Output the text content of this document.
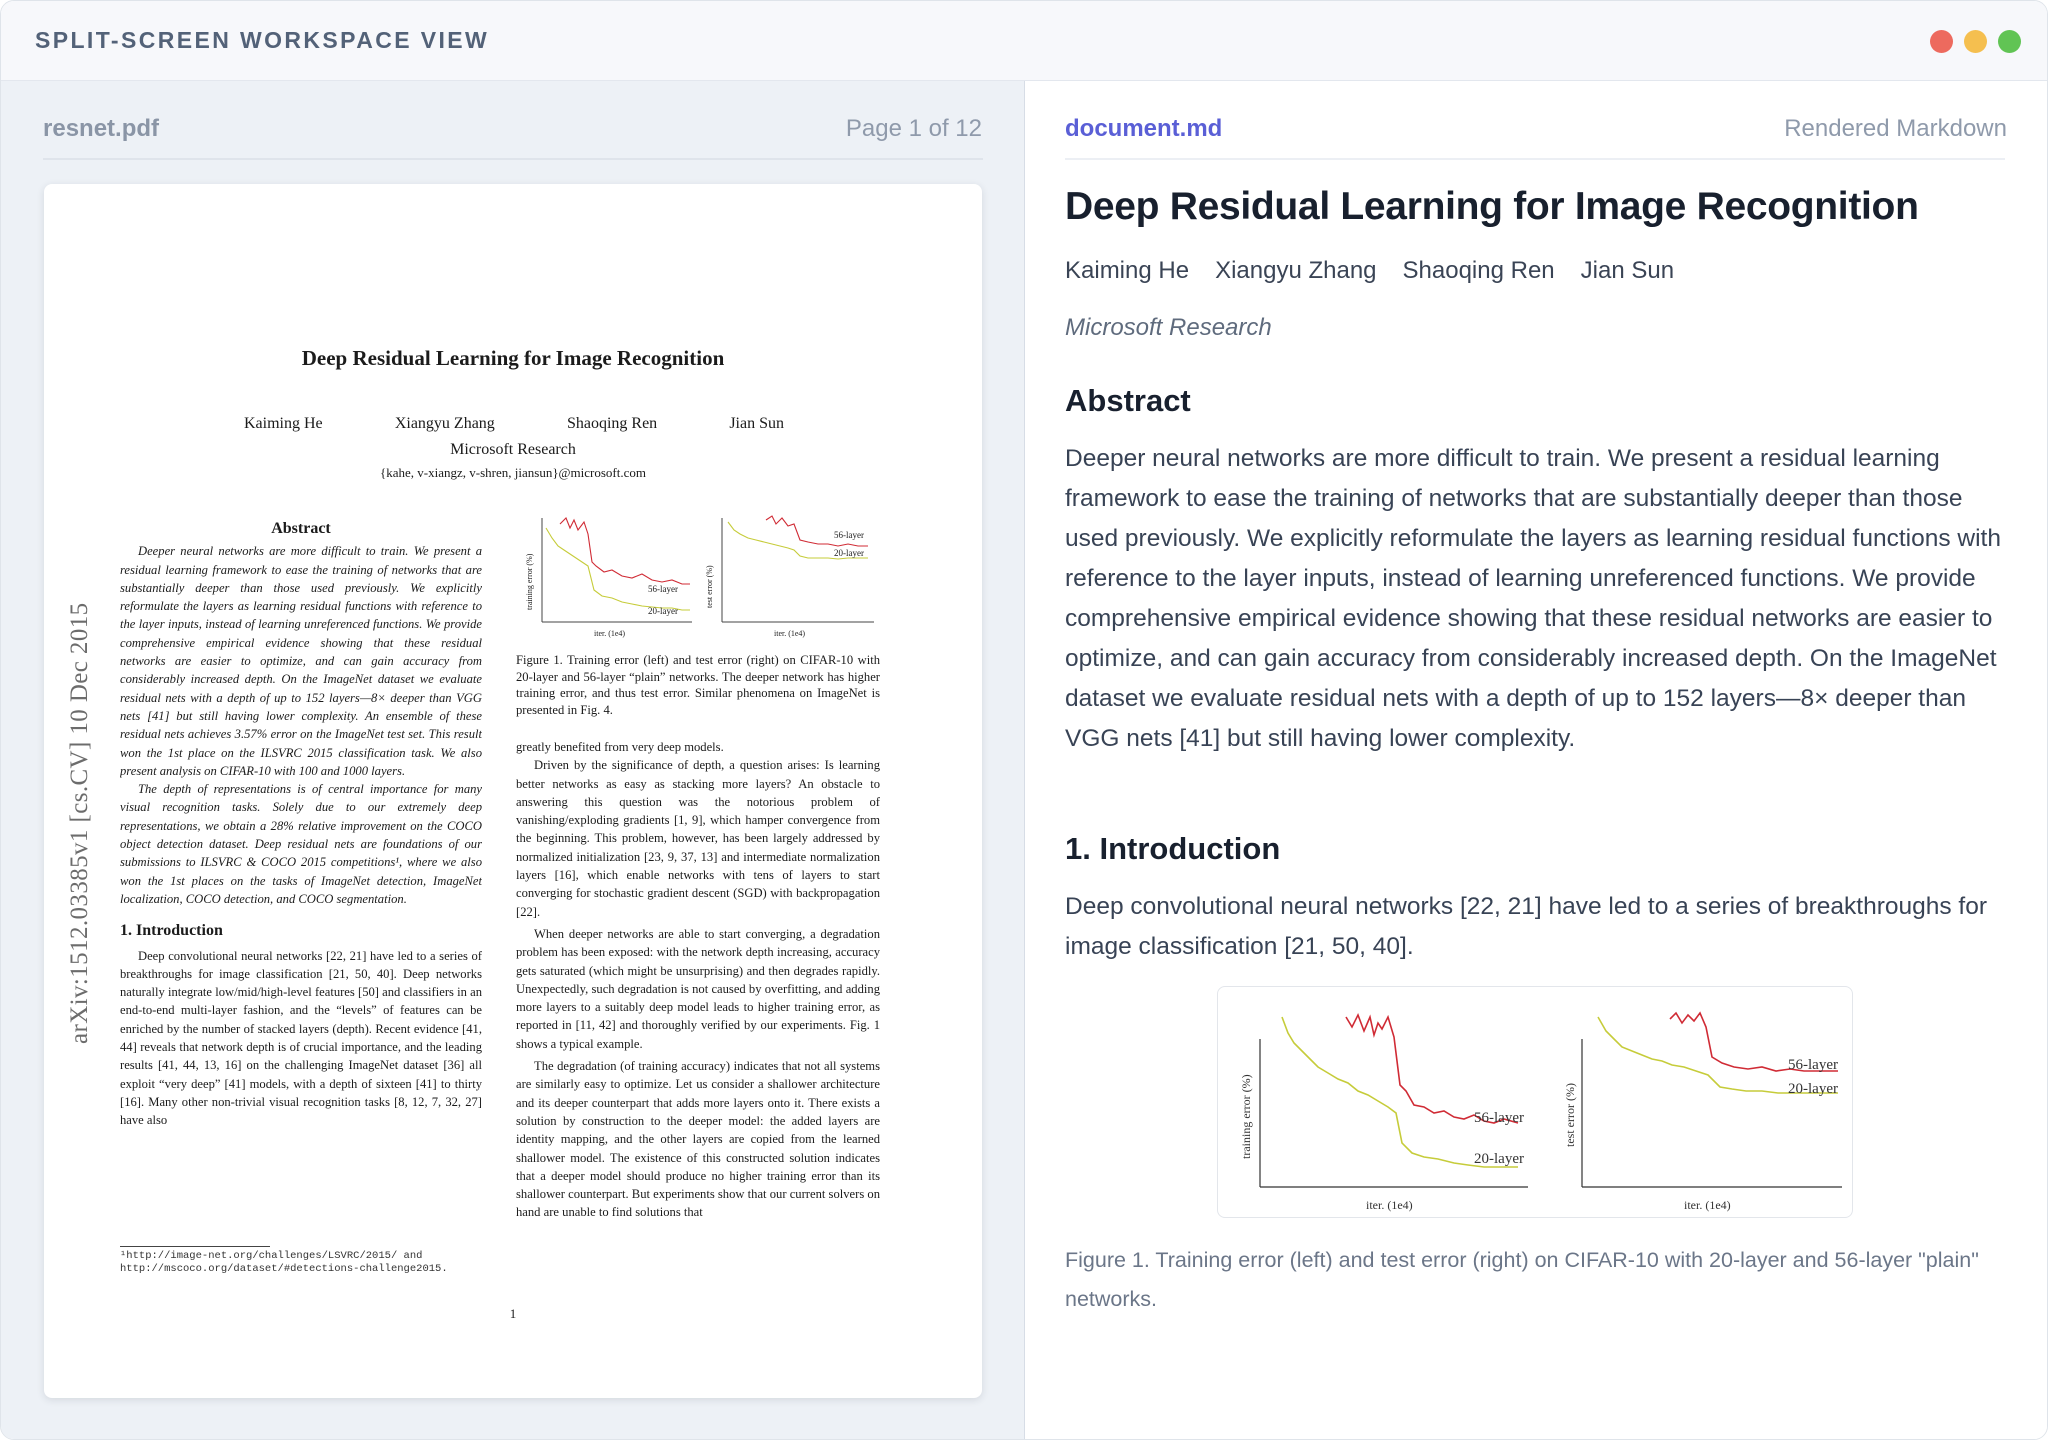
SPLIT-SCREEN WORKSPACE VIEW
resnet.pdf	Page 1 of 12
Deep Residual Learning for Image Recognition
Kaiming He	Xiangyu Zhang	Shaoqing Ren	Jian Sun
Microsoft Research
{kahe, v-xiangz, v-shren, jiansun}@microsoft.com
arXiv:1512.03385v1 [cs.CV] 10 Dec 2015
Abstract

Deeper neural networks are more difficult to train. We present a residual learning framework to ease the training of networks that are substantially deeper than those used previously. We explicitly reformulate the layers as learning residual functions with reference to the layer inputs, instead of learning unreferenced functions. We provide comprehensive empirical evidence showing that these residual networks are easier to optimize, and can gain accuracy from considerably increased depth. On the ImageNet dataset we evaluate residual nets with a depth of up to 152 layers—8× deeper than VGG nets [41] but still having lower complexity. An ensemble of these residual nets achieves 3.57% error on the ImageNet test set. This result won the 1st place on the ILSVRC 2015 classification task. We also present analysis on CIFAR-10 with 100 and 1000 layers.

The depth of representations is of central importance for many visual recognition tasks. Solely due to our extremely deep representations, we obtain a 28% relative improvement on the COCO object detection dataset. Deep residual nets are foundations of our submissions to ILSVRC & COCO 2015 competitions¹, where we also won the 1st places on the tasks of ImageNet detection, ImageNet localization, COCO detection, and COCO segmentation.

1. Introduction

Deep convolutional neural networks [22, 21] have led to a series of breakthroughs for image classification [21, 50, 40]. Deep networks naturally integrate low/mid/high-level features [50] and classifiers in an end-to-end multi-layer fashion, and the “levels” of features can be enriched by the number of stacked layers (depth). Recent evidence [41, 44] reveals that network depth is of crucial importance, and the leading results [41, 44, 13, 16] on the challenging ImageNet dataset [36] all exploit “very deep” [41] models, with a depth of sixteen [41] to thirty [16]. Many other non-trivial visual recognition tasks [8, 12, 7, 32, 27] have also

¹http://image-net.org/challenges/LSVRC/2015/ and http://mscoco.org/dataset/#detections-challenge2015.
56-layer
20-layer
training error (%)
iter. (1e4)
56-layer
20-layer
test error (%)
iter. (1e4)
Figure 1. Training error (left) and test error (right) on CIFAR-10 with 20-layer and 56-layer “plain” networks. The deeper network has higher training error, and thus test error. Similar phenomena on ImageNet is presented in Fig. 4.
greatly benefited from very deep models.

Driven by the significance of depth, a question arises: Is learning better networks as easy as stacking more layers? An obstacle to answering this question was the notorious problem of vanishing/exploding gradients [1, 9], which hamper convergence from the beginning. This problem, however, has been largely addressed by normalized initialization [23, 9, 37, 13] and intermediate normalization layers [16], which enable networks with tens of layers to start converging for stochastic gradient descent (SGD) with backpropagation [22].

When deeper networks are able to start converging, a degradation problem has been exposed: with the network depth increasing, accuracy gets saturated (which might be unsurprising) and then degrades rapidly. Unexpectedly, such degradation is not caused by overfitting, and adding more layers to a suitably deep model leads to higher training error, as reported in [11, 42] and thoroughly verified by our experiments. Fig. 1 shows a typical example.

The degradation (of training accuracy) indicates that not all systems are similarly easy to optimize. Let us consider a shallower architecture and its deeper counterpart that adds more layers onto it. There exists a solution by construction to the deeper model: the added layers are identity mapping, and the other layers are copied from the learned shallower model. The existence of this constructed solution indicates that a deeper model should produce no higher training error than its shallower counterpart. But experiments show that our current solvers on hand are unable to find solutions that

1
document.md	Rendered Markdown
Deep Residual Learning for Image Recognition
Kaiming He Xiangyu Zhang Shaoqing Ren Jian Sun
Microsoft Research
Abstract
Deeper neural networks are more difficult to train. We present a residual learning framework to ease the training of networks that are substantially deeper than those used previously. We explicitly reformulate the layers as learning residual functions with reference to the layer inputs, instead of learning unreferenced functions. We provide comprehensive empirical evidence showing that these residual networks are easier to optimize, and can gain accuracy from considerably increased depth. On the ImageNet dataset we evaluate residual nets with a depth of up to 152 layers—8× deeper than VGG nets [41] but still having lower complexity.
1. Introduction
Deep convolutional neural networks [22, 21] have led to a series of breakthroughs for image classification [21, 50, 40].
56-layer
20-layer
training error (%)
iter. (1e4)
56-layer
20-layer
test error (%)
iter. (1e4)
Figure 1. Training error (left) and test error (right) on CIFAR-10 with 20-layer and 56-layer "plain" networks.
